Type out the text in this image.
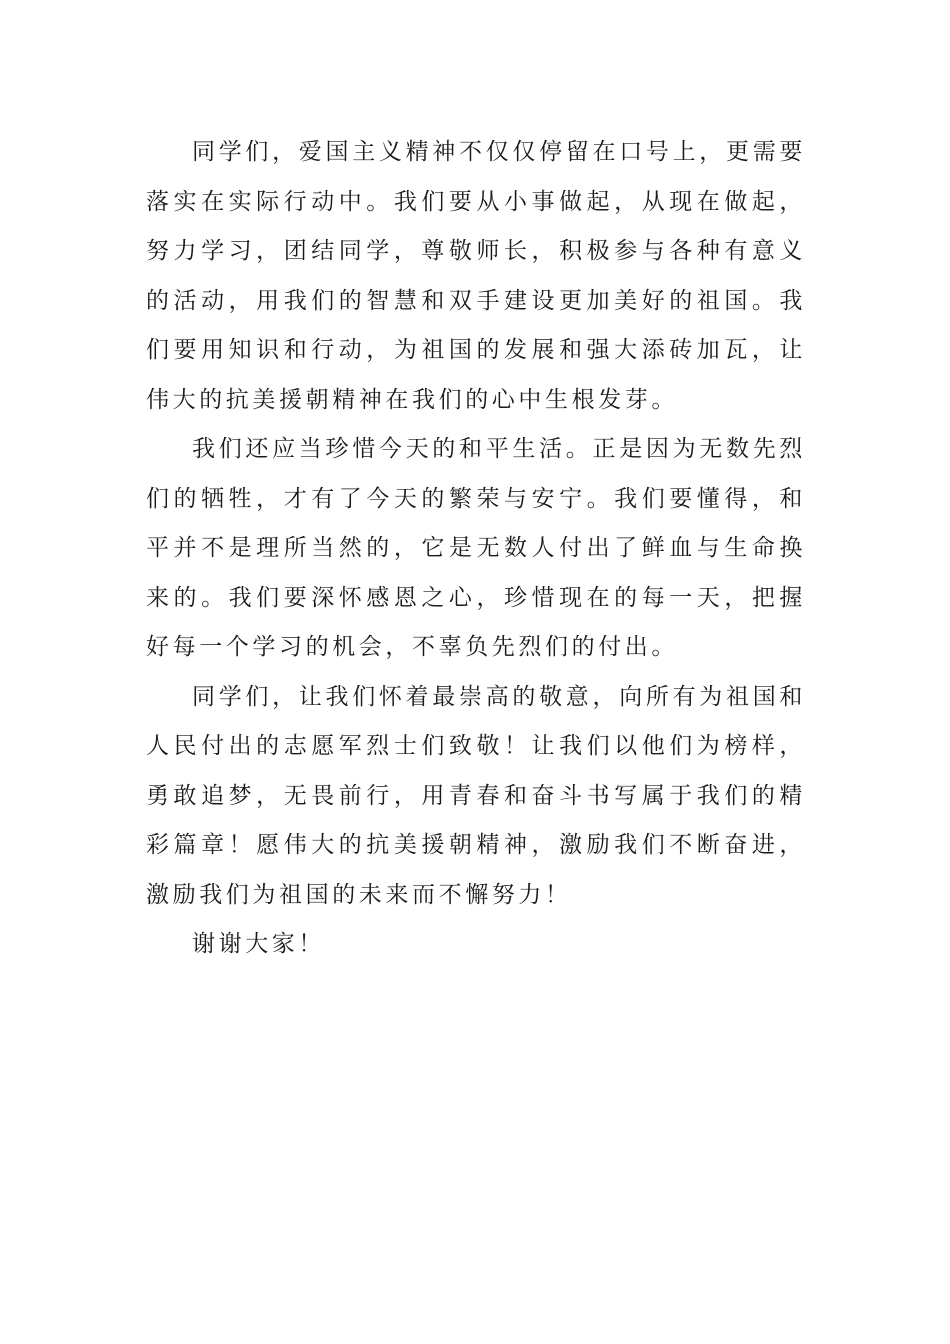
同学们，爱国主义精神不仅仅停留在口号上，更需要落实在实际行动中。我们要从小事做起，从现在做起，努力学习，团结同学，尊敬师长，积极参与各种有意义的活动，用我们的智慧和双手建设更加美好的祖国。我们要用知识和行动，为祖国的发展和强大添砖加瓦，让伟大的抗美援朝精神在我们的心中生根发芽。

我们还应当珍惜今天的和平生活。正是因为无数先烈们的牺牲，才有了今天的繁荣与安宁。我们要懂得，和平并不是理所当然的，它是无数人付出了鲜血与生命换来的。我们要深怀感恩之心，珍惜现在的每一天，把握好每一个学习的机会，不辜负先烈们的付出。

同学们，让我们怀着最崇高的敬意，向所有为祖国和人民付出的志愿军烈士们致敬！让我们以他们为榜样，勇敢追梦，无畏前行，用青春和奋斗书写属于我们的精彩篇章！愿伟大的抗美援朝精神，激励我们不断奋进，激励我们为祖国的未来而不懈努力！

谢谢大家！
